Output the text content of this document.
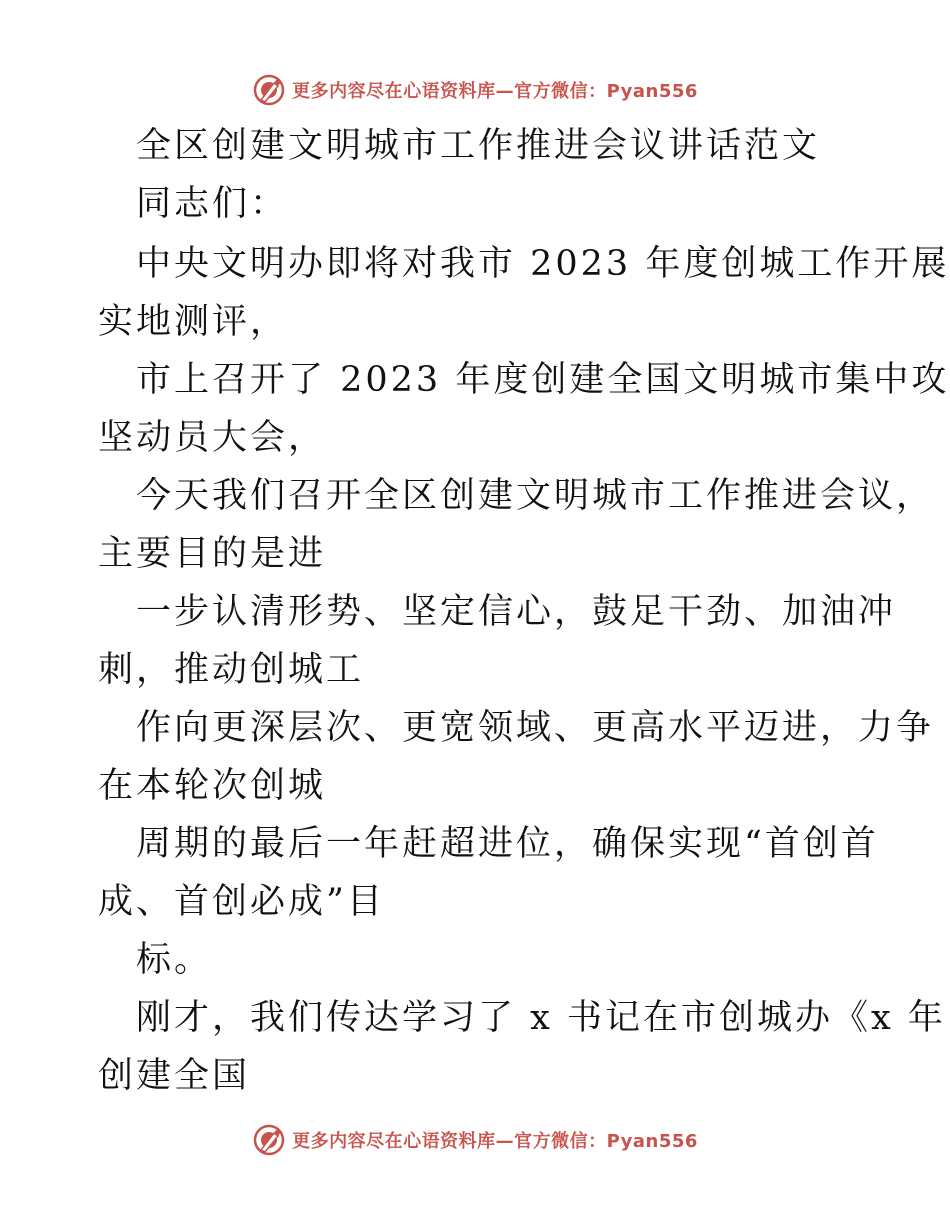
更多内容尽在心语资料库—官方微信：Pyan556
全区创建文明城市工作推进会议讲话范文
同志们：
中央文明办即将对我市 2023 年度创城工作开展
实地测评，
市上召开了 2023 年度创建全国文明城市集中攻
坚动员大会，
今天我们召开全区创建文明城市工作推进会议，
主要目的是进
一步认清形势、坚定信心，鼓足干劲、加油冲
刺，推动创城工
作向更深层次、更宽领域、更高水平迈进，力争
在本轮次创城
周期的最后一年赶超进位，确保实现“首创首
成、首创必成”目
标。
刚才，我们传达学习了 x 书记在市创城办《x 年
创建全国
更多内容尽在心语资料库—官方微信：Pyan556
